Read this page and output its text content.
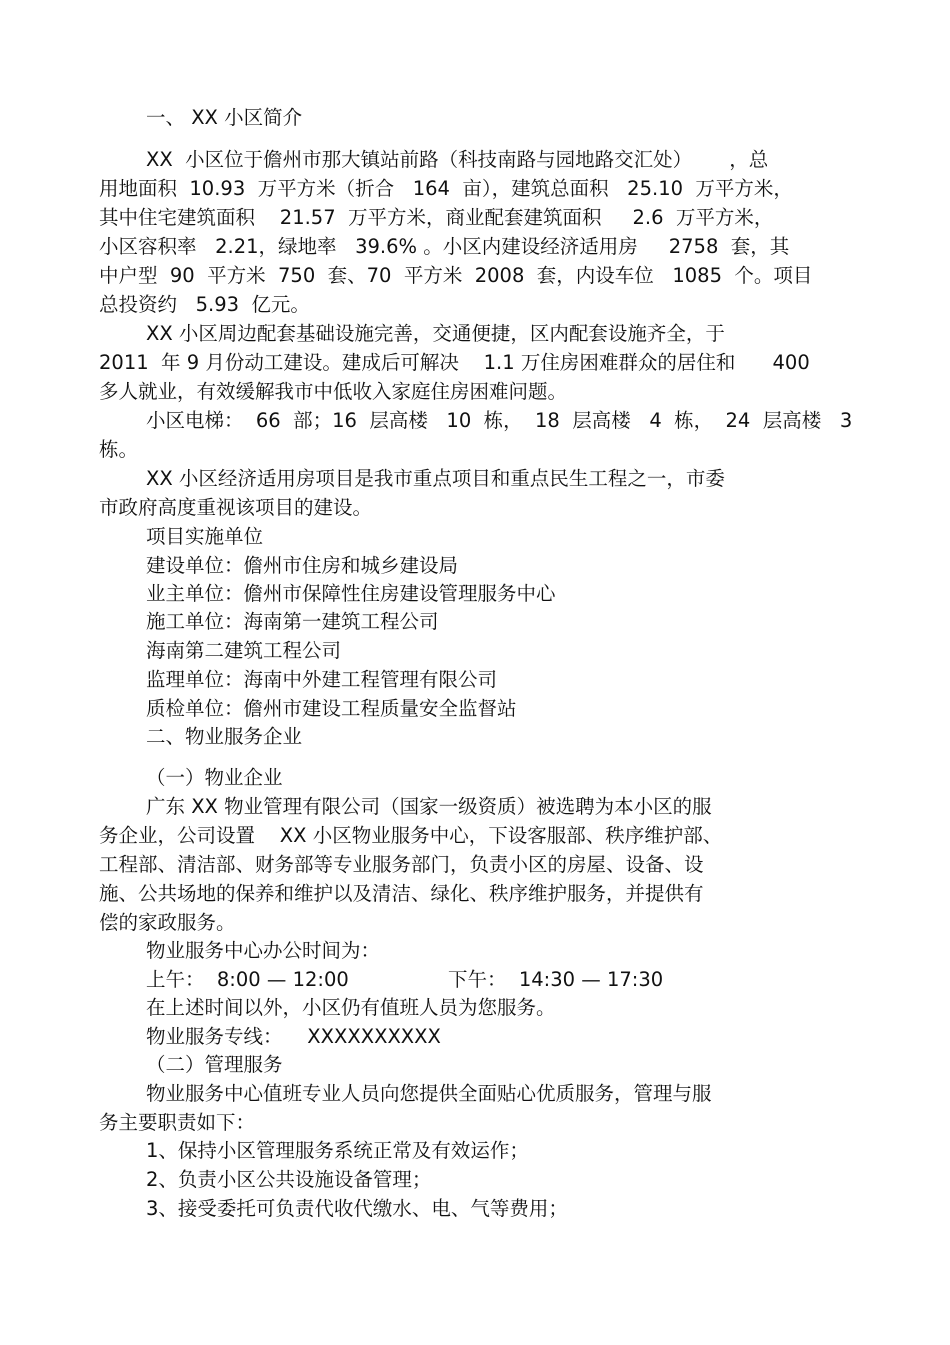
一、 XX 小区简介

XX  小区位于儋州市那大镇站前路（科技南路与园地路交汇处）      ，总

用地面积  10.93  万平方米（折合   164  亩），建筑总面积   25.10  万平方米，

其中住宅建筑面积    21.57  万平方米，商业配套建筑面积     2.6  万平方米，

小区容积率   2.21，绿地率   39.6% 。小区内建设经济适用房     2758  套，其

中户型  90  平方米  750  套、70  平方米  2008  套，内设车位   1085  个。项目

总投资约   5.93  亿元。

XX 小区周边配套基础设施完善，交通便捷，区内配套设施齐全，于

2011  年 9 月份动工建设。建成后可解决    1.1 万住房困难群众的居住和      400

多人就业，有效缓解我市中低收入家庭住房困难问题。

小区电梯：  66  部；16  层高楼   10  栋，  18  层高楼   4  栋，  24  层高楼   3

栋。

XX 小区经济适用房项目是我市重点项目和重点民生工程之一，市委

市政府高度重视该项目的建设。

项目实施单位

建设单位：儋州市住房和城乡建设局

业主单位：儋州市保障性住房建设管理服务中心

施工单位：海南第一建筑工程公司

海南第二建筑工程公司

监理单位：海南中外建工程管理有限公司

质检单位：儋州市建设工程质量安全监督站

二、物业服务企业

（一）物业企业

广东 XX 物业管理有限公司（国家一级资质）被选聘为本小区的服

务企业，公司设置    XX 小区物业服务中心，下设客服部、秩序维护部、

工程部、清洁部、财务部等专业服务部门，负责小区的房屋、设备、设

施、公共场地的保养和维护以及清洁、绿化、秩序维护服务，并提供有

偿的家政服务。

物业服务中心办公时间为：

上午：  8:00 — 12:00                下午：  14:30 — 17:30

在上述时间以外，小区仍有值班人员为您服务。

物业服务专线：    XXXXXXXXXX

（二）管理服务

物业服务中心值班专业人员向您提供全面贴心优质服务，管理与服

务主要职责如下：

1、保持小区管理服务系统正常及有效运作；

2、负责小区公共设施设备管理；

3、接受委托可负责代收代缴水、电、气等费用；
